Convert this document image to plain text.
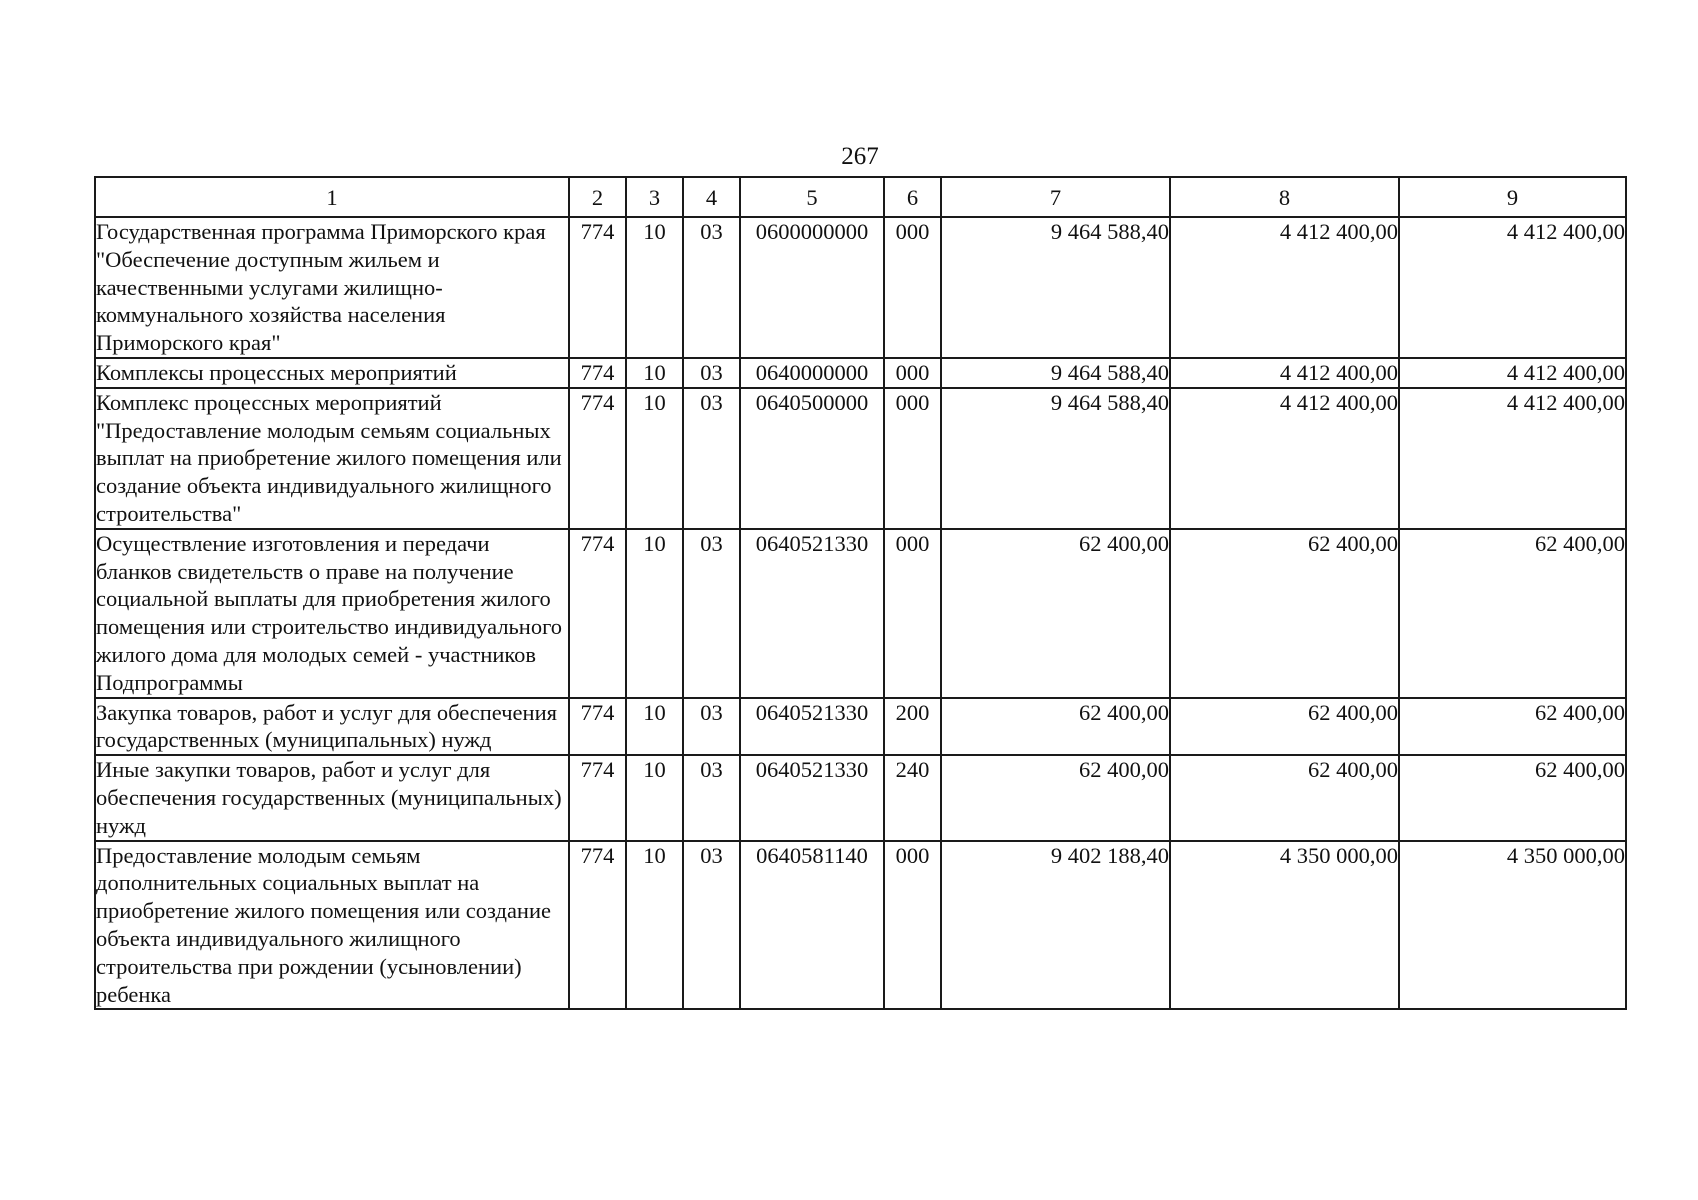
267
1	2	3	4	5	6	7	8	9
Государственная программа Приморского края "Обеспечение доступным жильем и качественными услугами жилищно-коммунального хозяйства населения Приморского края"	774	10	03	0600000000	000	9 464 588,40	4 412 400,00	4 412 400,00
Комплексы процессных мероприятий	774	10	03	0640000000	000	9 464 588,40	4 412 400,00	4 412 400,00
Комплекс процессных мероприятий "Предоставление молодым семьям социальных выплат на приобретение жилого помещения или создание объекта индивидуального жилищного строительства"	774	10	03	0640500000	000	9 464 588,40	4 412 400,00	4 412 400,00
Осуществление изготовления и передачи бланков свидетельств о праве на получение социальной выплаты для приобретения жилого помещения или строительство индивидуального жилого дома для молодых семей - участников Подпрограммы	774	10	03	0640521330	000	62 400,00	62 400,00	62 400,00
Закупка товаров, работ и услуг для обеспечения государственных (муниципальных) нужд	774	10	03	0640521330	200	62 400,00	62 400,00	62 400,00
Иные закупки товаров, работ и услуг для обеспечения государственных (муниципальных) нужд	774	10	03	0640521330	240	62 400,00	62 400,00	62 400,00
Предоставление молодым семьям дополнительных социальных выплат на приобретение жилого помещения или создание объекта индивидуального жилищного строительства при рождении (усыновлении) ребенка	774	10	03	0640581140	000	9 402 188,40	4 350 000,00	4 350 000,00
